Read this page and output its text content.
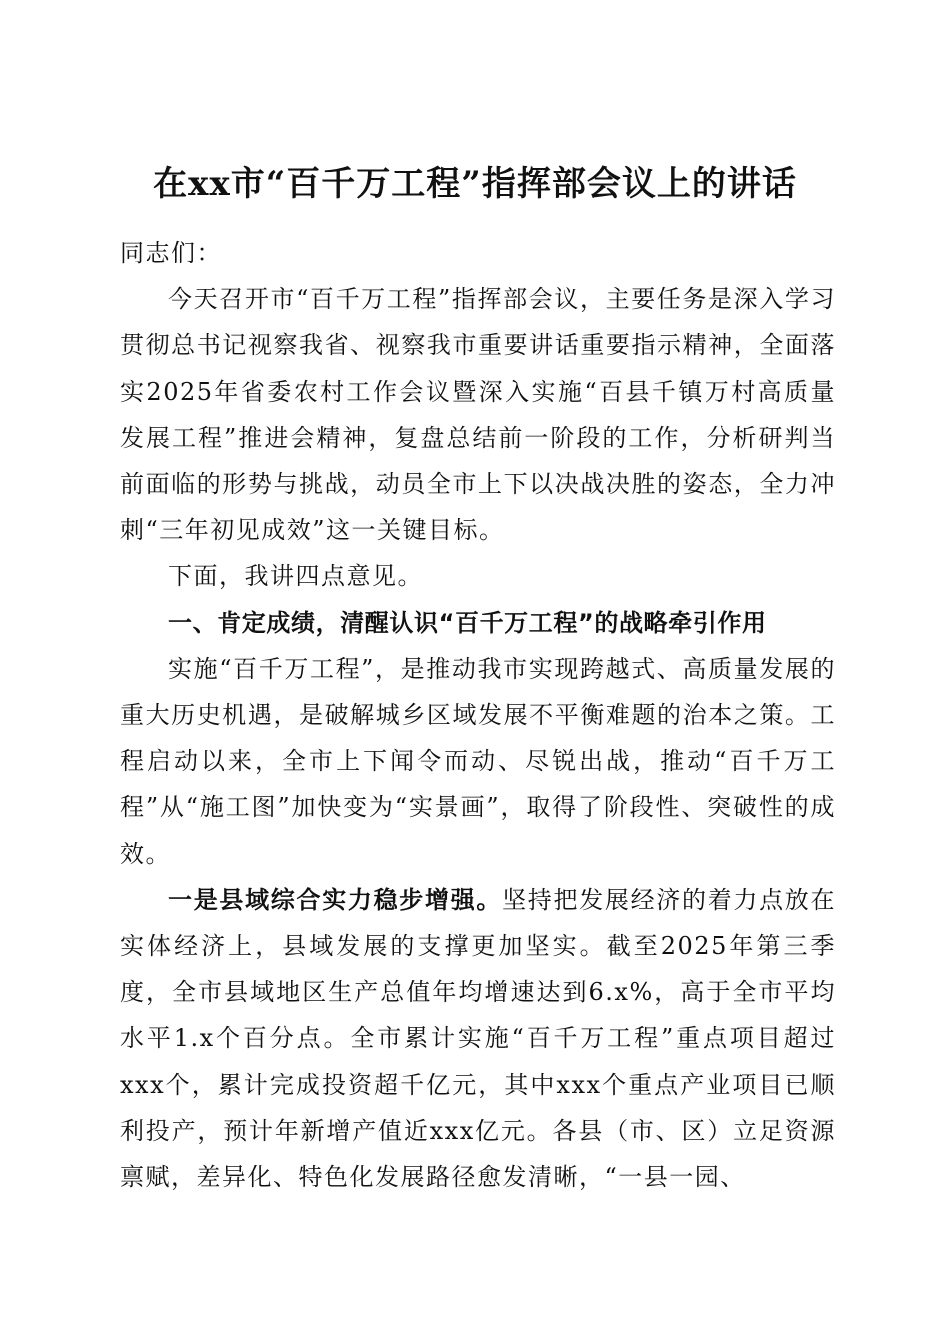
在xx市“百千万工程”指挥部会议上的讲话

同志们：

今天召开市“百千万工程”指挥部会议，主要任务是深入学习贯彻总书记视察我省、视察我市重要讲话重要指示精神，全面落实2025年省委农村工作会议暨深入实施“百县千镇万村高质量发展工程”推进会精神，复盘总结前一阶段的工作，分析研判当前面临的形势与挑战，动员全市上下以决战决胜的姿态，全力冲刺“三年初见成效”这一关键目标。

下面，我讲四点意见。

一、肯定成绩，清醒认识“百千万工程”的战略牵引作用

实施“百千万工程”，是推动我市实现跨越式、高质量发展的重大历史机遇，是破解城乡区域发展不平衡难题的治本之策。工程启动以来，全市上下闻令而动、尽锐出战，推动“百千万工程”从“施工图”加快变为“实景画”，取得了阶段性、突破性的成效。

一是县域综合实力稳步增强。坚持把发展经济的着力点放在实体经济上，县域发展的支撑更加坚实。截至2025年第三季度，全市县域地区生产总值年均增速达到6.x%，高于全市平均水平1.x个百分点。全市累计实施“百千万工程”重点项目超过xxx个，累计完成投资超千亿元，其中xxx个重点产业项目已顺利投产，预计年新增产值近xxx亿元。各县（市、区）立足资源禀赋，差异化、特色化发展路径愈发清晰，“一县一园、
